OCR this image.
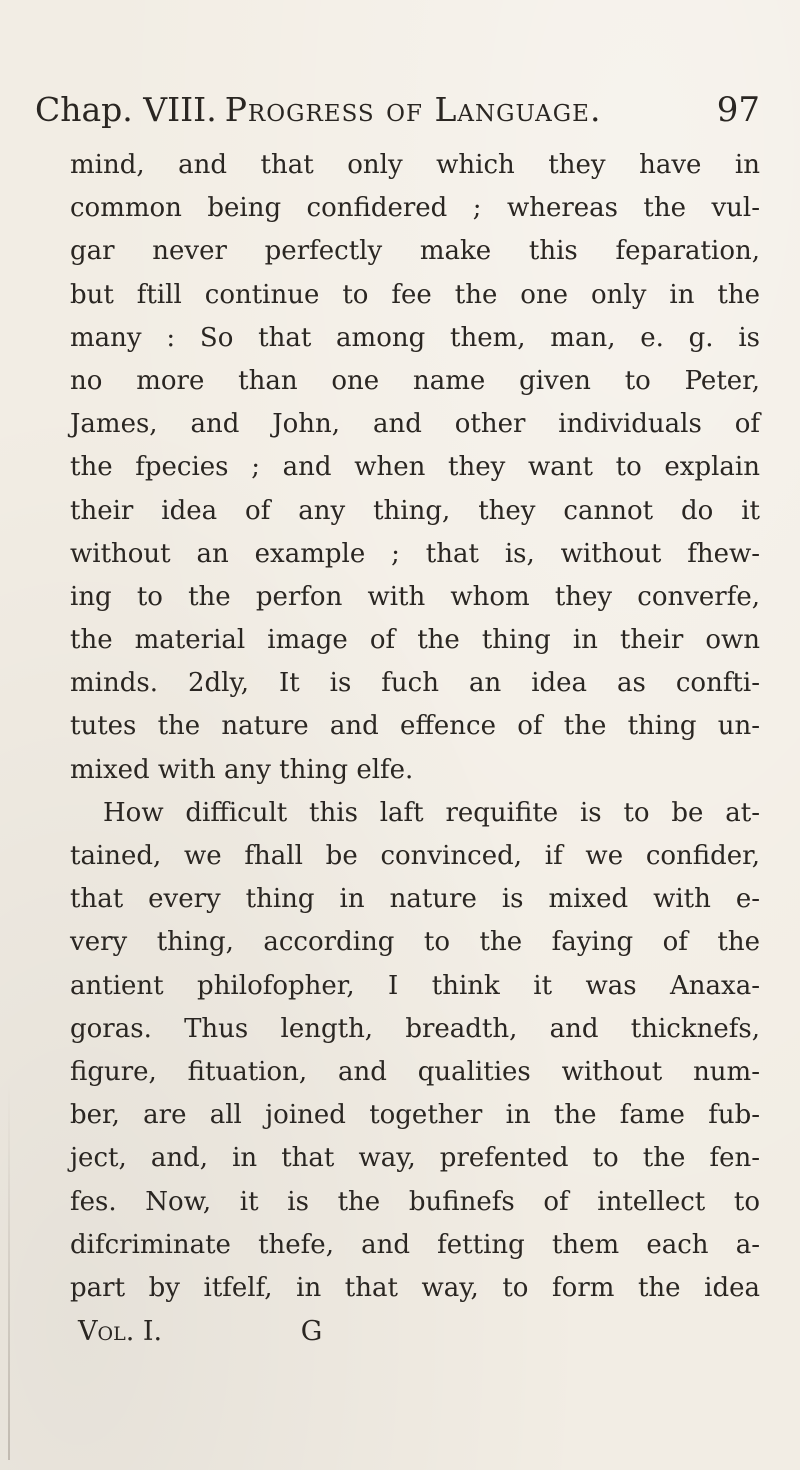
Chap. VIII. Progress of Language.	97
mind, and that only which they have in
common being confidered ; whereas the vul-
gar never perfectly make this feparation,
but ftill continue to fee the one only in the
many : So that among them, man, e. g. is
no more than one name given to Peter,
James, and John, and other individuals of
the fpecies ; and when they want to explain
their idea of any thing, they cannot do it
without an example ; that is, without fhew-
ing to the perfon with whom they converfe,
the material image of the thing in their own
minds. 2dly, It is fuch an idea as confti-
tutes the nature and effence of the thing un-
mixed with any thing elfe.
How difficult this laft requifite is to be at-
tained, we fhall be convinced, if we confider,
that every thing in nature is mixed with e-
very thing, according to the faying of the
antient philofopher, I think it was Anaxa-
goras. Thus length, breadth, and thicknefs,
figure, fituation, and qualities without num-
ber, are all joined together in the fame fub-
ject, and, in that way, prefented to the fen-
fes. Now, it is the bufinefs of intellect to
difcriminate thefe, and fetting them each a-
part by itfelf, in that way, to form the idea
Vol. I.	G
